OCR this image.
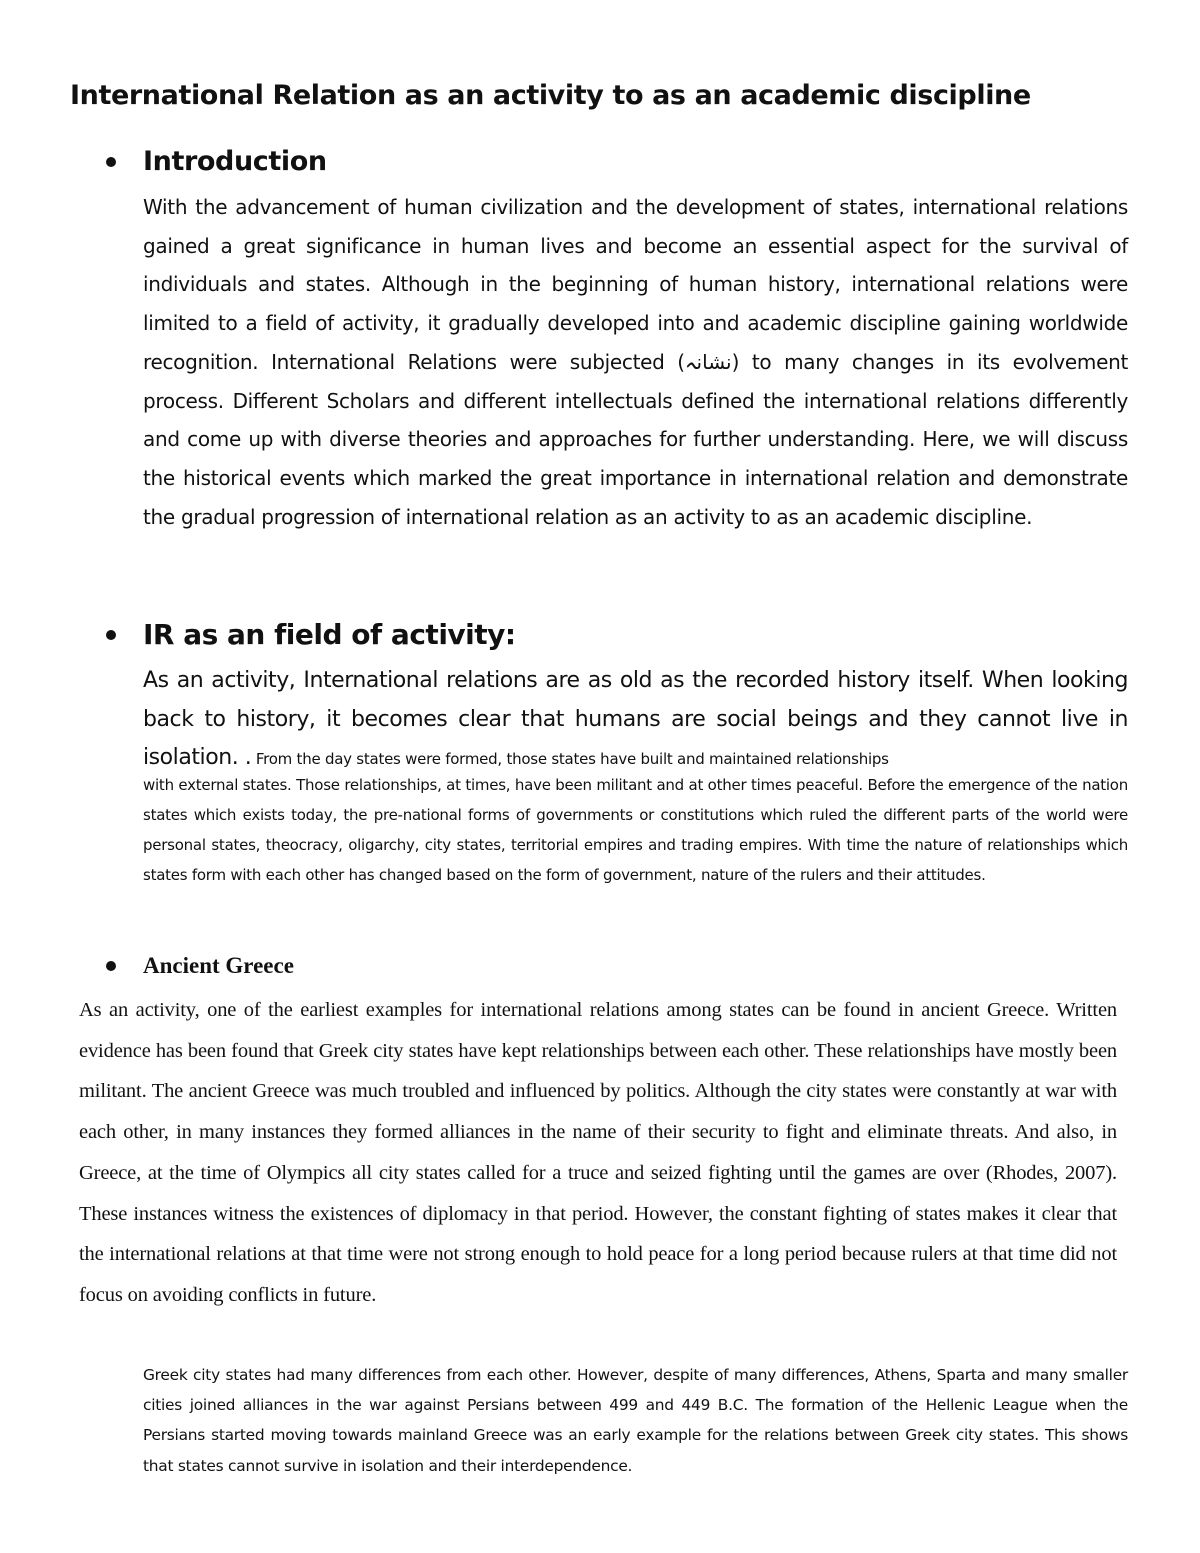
International Relation as an activity to as an academic discipline
Introduction

With the advancement of human civilization and the development of states, international relations gained a great significance in human lives and become an essential aspect for the survival of individuals and states. Although in the beginning of human history, international relations were limited to a field of activity, it gradually developed into and academic discipline gaining worldwide recognition. International Relations were subjected (نشانہ) to many changes in its evolvement process. Different Scholars and different intellectuals defined the international relations differently and come up with diverse theories and approaches for further understanding. Here, we will discuss the historical events which marked the great importance in international relation and demonstrate the gradual progression of international relation as an activity to as an academic discipline.

IR as an field of activity:

As an activity, International relations are as old as the recorded history itself. When looking back to history, it becomes clear that humans are social beings and they cannot live in isolation. . From the day states were formed, those states have built and maintained relationships
with external states. Those relationships, at times, have been militant and at other times peaceful. Before the emergence of the nation states which exists today, the pre-national forms of governments or constitutions which ruled the different parts of the world were personal states, theocracy, oligarchy, city states, territorial empires and trading empires. With time the nature of relationships which states form with each other has changed based on the form of government, nature of the rulers and their attitudes.

Ancient Greece

As an activity, one of the earliest examples for international relations among states can be found in ancient Greece. Written evidence has been found that Greek city states have kept relationships between each other. These relationships have mostly been militant. The ancient Greece was much troubled and influenced by politics. Although the city states were constantly at war with each other, in many instances they formed alliances in the name of their security to fight and eliminate threats. And also, in Greece, at the time of Olympics all city states called for a truce and seized fighting until the games are over (Rhodes, 2007). These instances witness the existences of diplomacy in that period. However, the constant fighting of states makes it clear that the international relations at that time were not strong enough to hold peace for a long period because rulers at that time did not focus on avoiding conflicts in future.

Greek city states had many differences from each other. However, despite of many differences, Athens, Sparta and many smaller cities joined alliances in the war against Persians between 499 and 449 B.C. The formation of the Hellenic League when the Persians started moving towards mainland Greece was an early example for the relations between Greek city states. This shows that states cannot survive in isolation and their interdependence.
